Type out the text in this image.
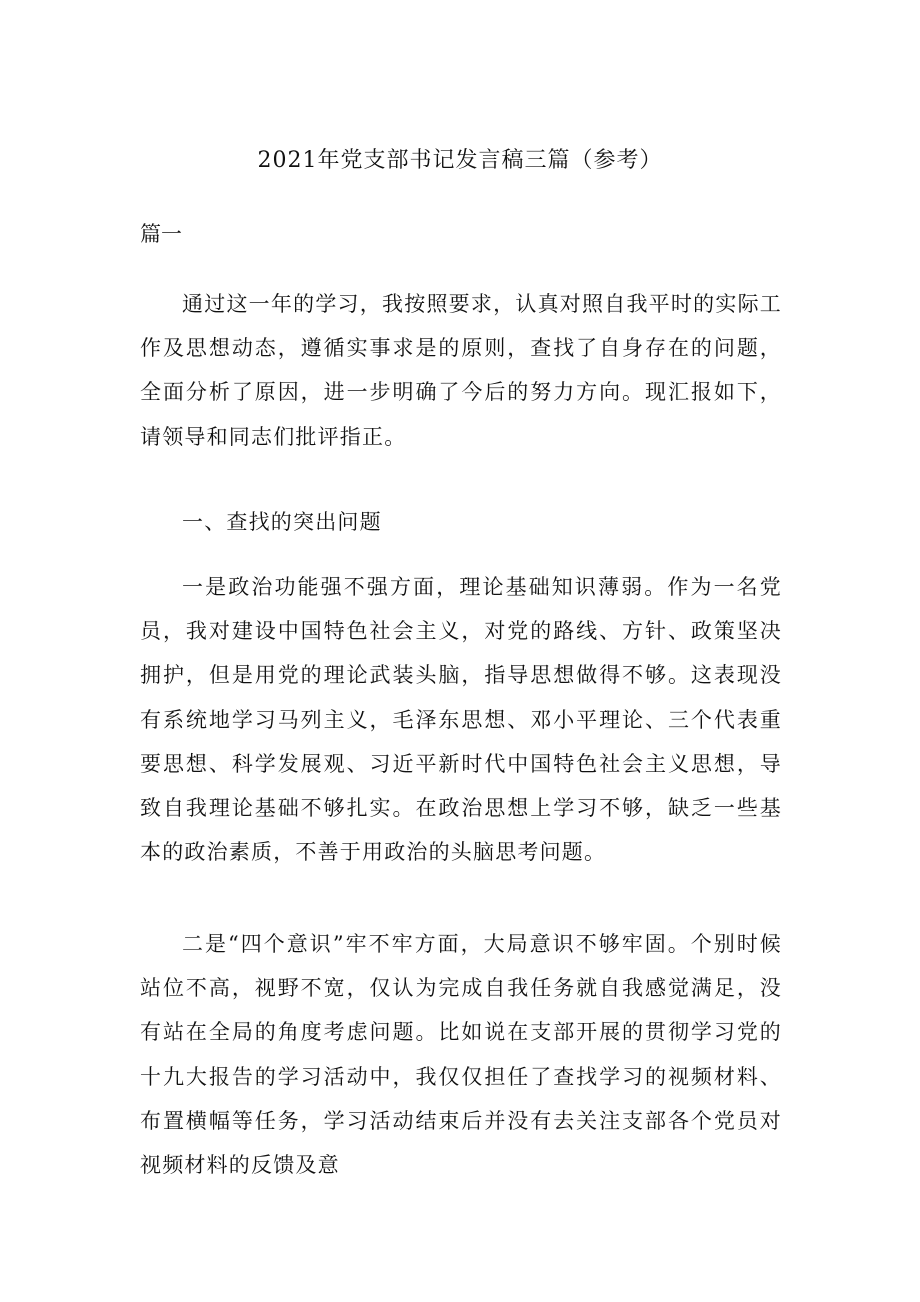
2021年党支部书记发言稿三篇（参考）
篇一

通过这一年的学习，我按照要求，认真对照自我平时的实际工作及思想动态，遵循实事求是的原则，查找了自身存在的问题，全面分析了原因，进一步明确了今后的努力方向。现汇报如下，请领导和同志们批评指正。

一、查找的突出问题

一是政治功能强不强方面，理论基础知识薄弱。作为一名党员，我对建设中国特色社会主义，对党的路线、方针、政策坚决拥护，但是用党的理论武装头脑，指导思想做得不够。这表现没有系统地学习马列主义，毛泽东思想、邓小平理论、三个代表重要思想、科学发展观、习近平新时代中国特色社会主义思想，导致自我理论基础不够扎实。在政治思想上学习不够，缺乏一些基本的政治素质，不善于用政治的头脑思考问题。

二是“四个意识”牢不牢方面，大局意识不够牢固。个别时候站位不高，视野不宽，仅认为完成自我任务就自我感觉满足，没有站在全局的角度考虑问题。比如说在支部开展的贯彻学习党的十九大报告的学习活动中，我仅仅担任了查找学习的视频材料、布置横幅等任务，学习活动结束后并没有去关注支部各个党员对视频材料的反馈及意
